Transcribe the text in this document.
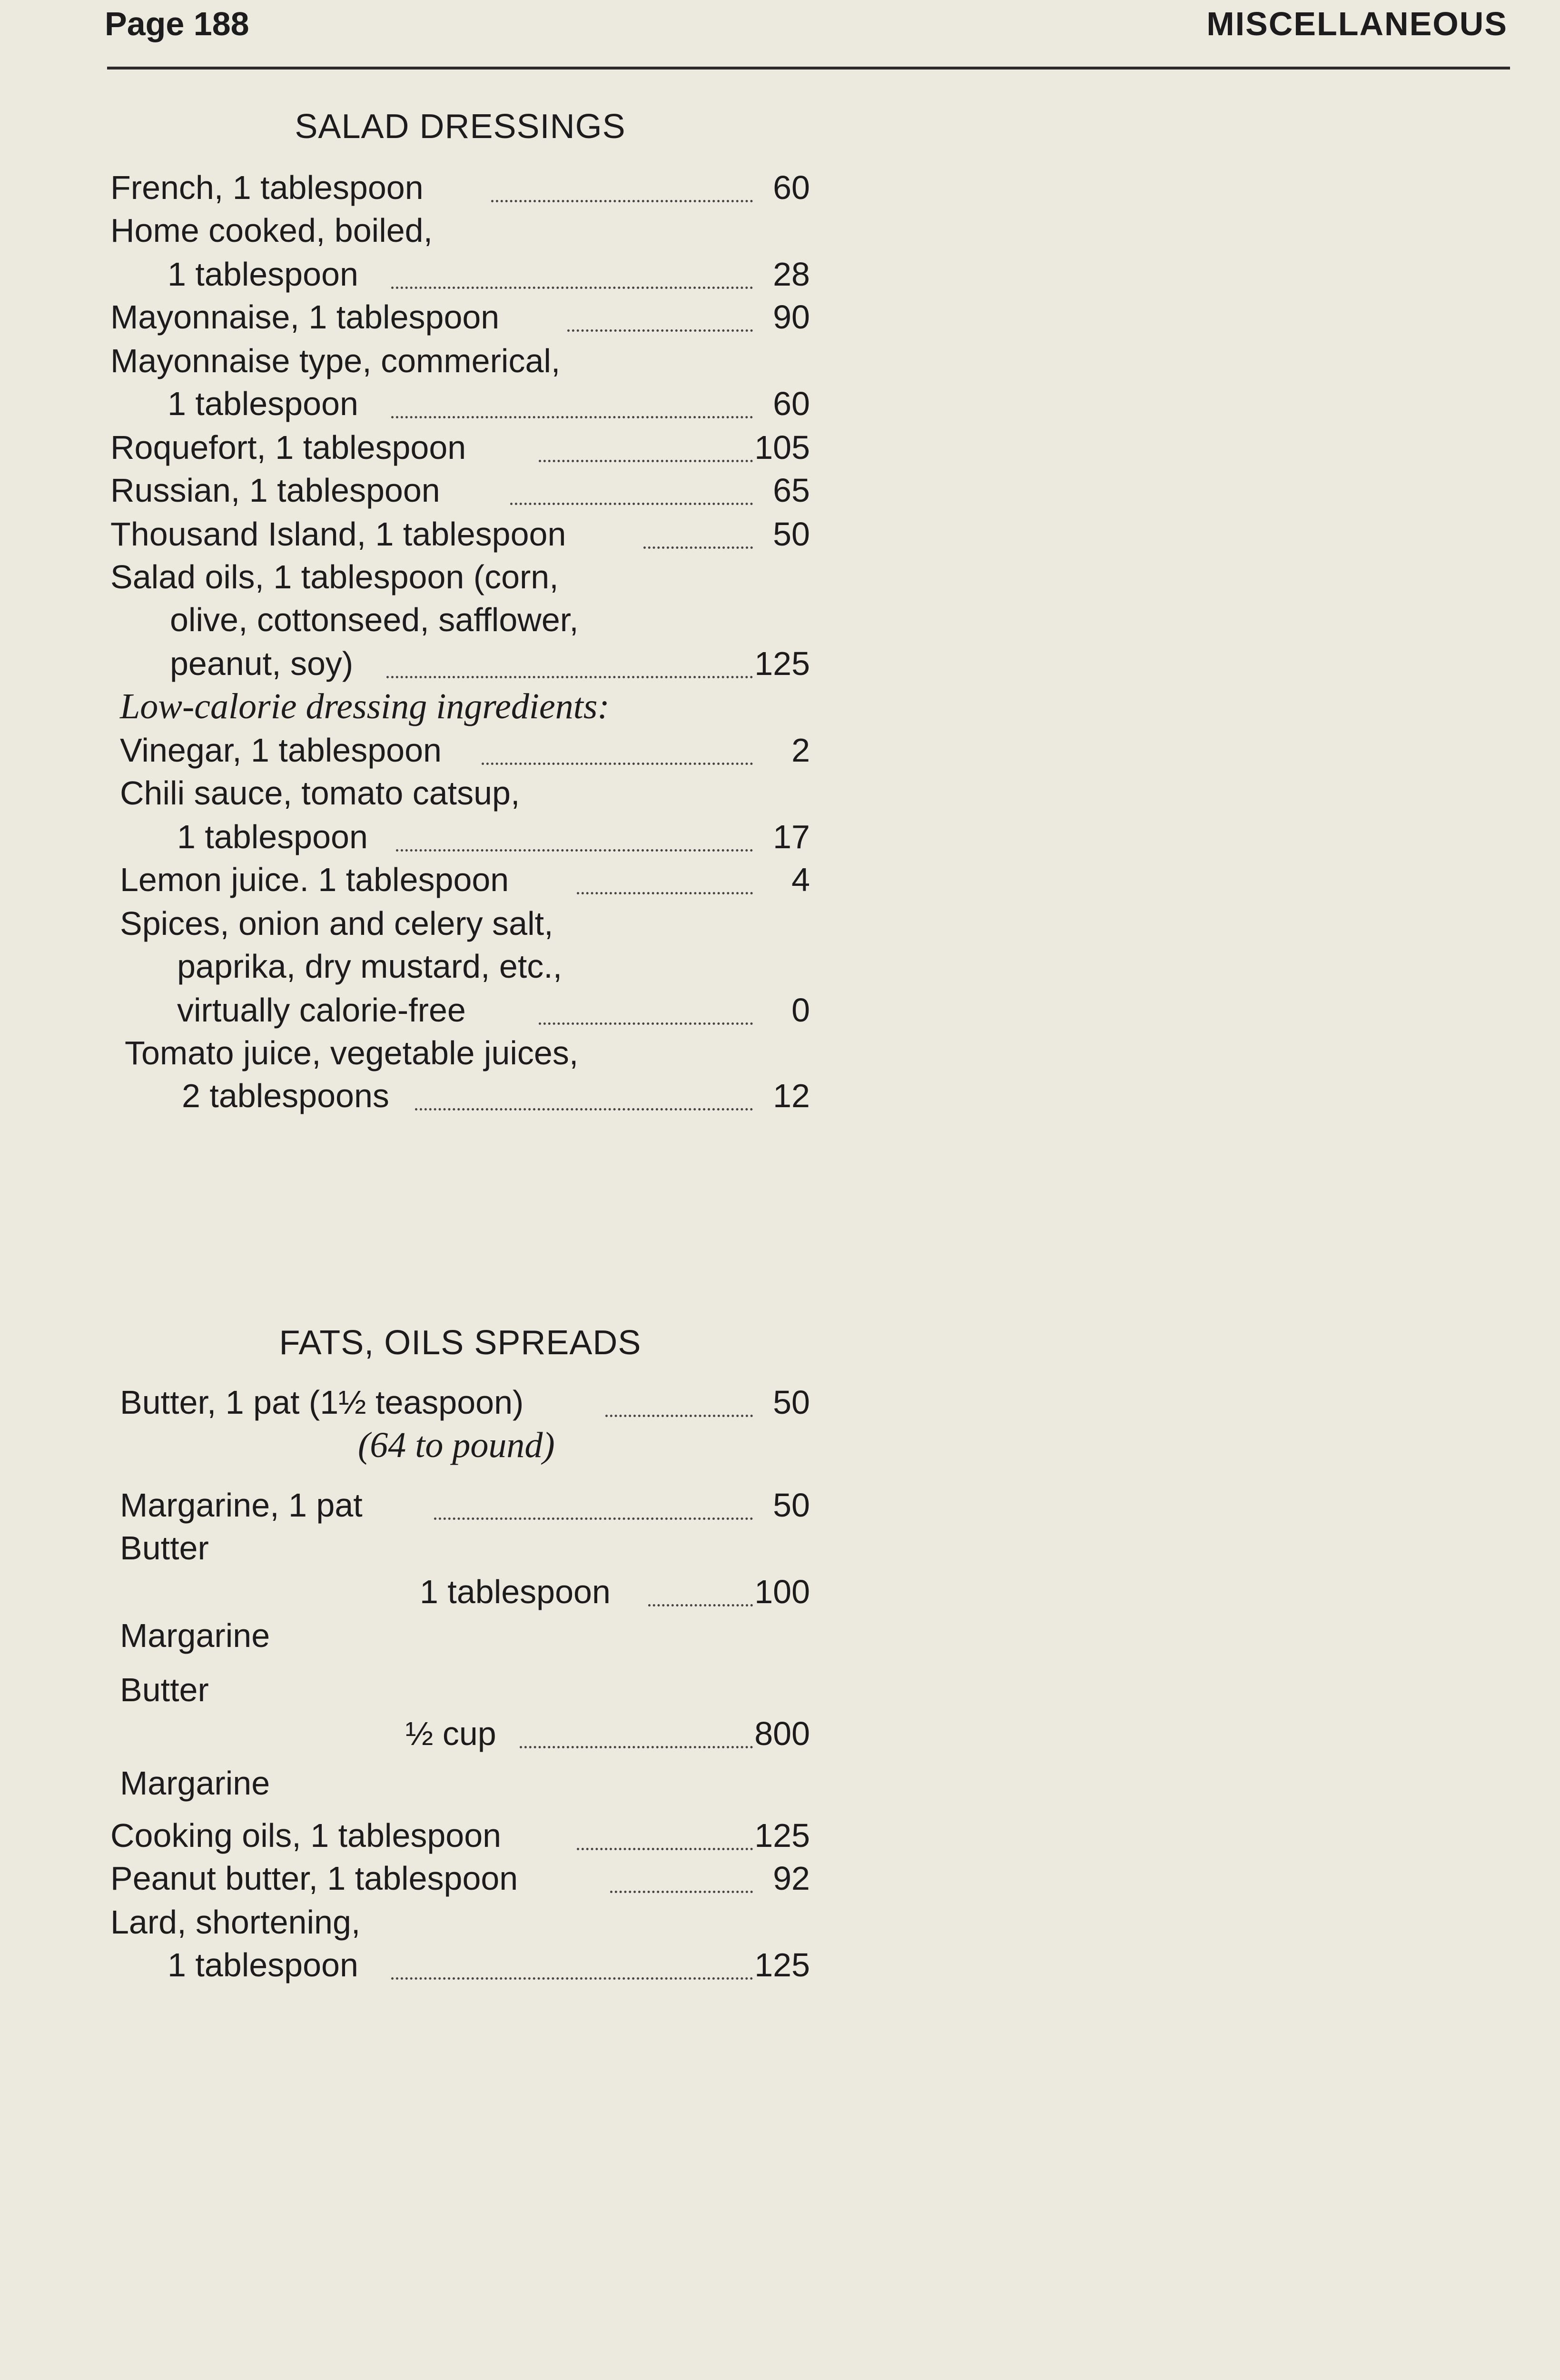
Page 188	MISCELLANEOUS
SALAD DRESSINGS
French, 1 tablespoon	60
Home cooked, boiled,
1 tablespoon	28
Mayonnaise, 1 tablespoon	90
Mayonnaise type, commerical,
1 tablespoon	60
Roquefort, 1 tablespoon	105
Russian, 1 tablespoon	65
Thousand Island, 1 tablespoon	50
Salad oils, 1 tablespoon (corn,
olive, cottonseed, safflower,
peanut, soy)	125
Low-calorie dressing ingredients:
Vinegar, 1 tablespoon	2
Chili sauce, tomato catsup,
1 tablespoon	17
Lemon juice. 1 tablespoon	4
Spices, onion and celery salt,
paprika, dry mustard, etc.,
virtually calorie-free	0
Tomato juice, vegetable juices,
2 tablespoons	12
FATS, OILS SPREADS
Butter, 1 pat (1½ teaspoon)	50
(64 to pound)
Margarine, 1 pat	50
Butter
1 tablespoon	100
Margarine
Butter
½ cup	800
Margarine
Cooking oils, 1 tablespoon	125
Peanut butter, 1 tablespoon	92
Lard, shortening,
1 tablespoon	125
